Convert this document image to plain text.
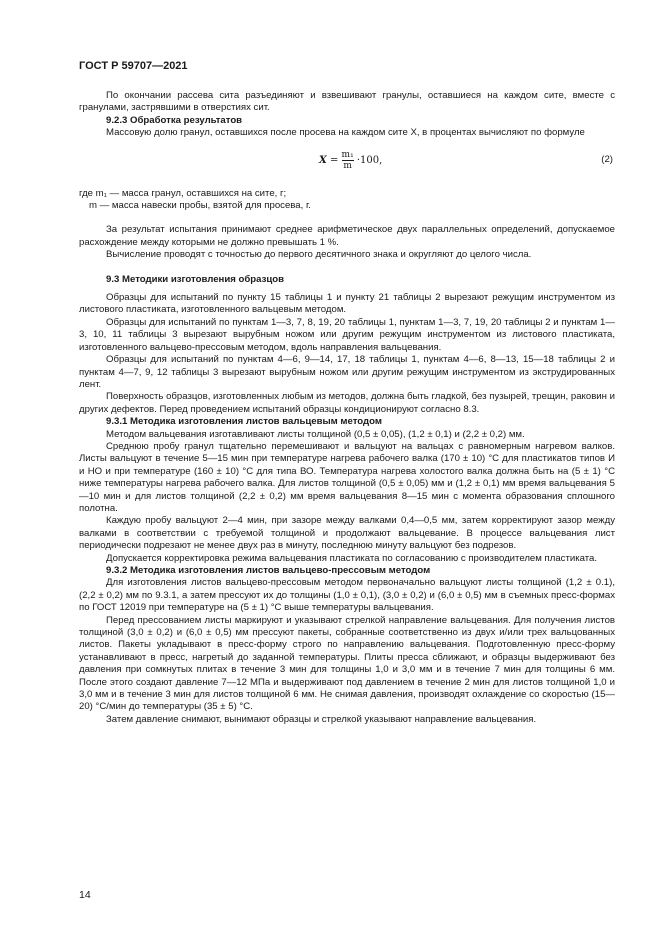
ГОСТ Р 59707—2021

По окончании рассева сита разъединяют и взвешивают гранулы, оставшиеся на каждом сите, вместе с гранулами, застрявшими в отверстиях сит.

9.2.3 Обработка результатов

Массовую долю гранул, оставшихся после просева на каждом сите X, в процентах вычисляют по формуле

$X = \frac{\text{m₁}}{m} \cdot 100$,	(2)

где m₁ — масса гранул, оставшихся на сите, г;

m — масса навески пробы, взятой для просева, г.

За результат испытания принимают среднее арифметическое двух параллельных определений, допускаемое расхождение между которыми не должно превышать 1 %.

Вычисление проводят с точностью до первого десятичного знака и округляют до целого числа.

9.3 Методики изготовления образцов

Образцы для испытаний по пункту 15 таблицы 1 и пункту 21 таблицы 2 вырезают режущим инструментом из листового пластиката, изготовленного вальцевым методом.

Образцы для испытаний по пунктам 1—3, 7, 8, 19, 20 таблицы 1, пунктам 1—3, 7, 19, 20 таблицы 2 и пунктам 1—3, 10, 11 таблицы 3 вырезают вырубным ножом или другим режущим инструментом из листового пластиката, изготовленного вальцево-прессовым методом, вдоль направления вальцевания.

Образцы для испытаний по пунктам 4—6, 9—14, 17, 18 таблицы 1, пунктам 4—6, 8—13, 15—18 таблицы 2 и пунктам 4—7, 9, 12 таблицы 3 вырезают вырубным ножом или другим режущим инструментом из экструдированных лент.

Поверхность образцов, изготовленных любым из методов, должна быть гладкой, без пузырей, трещин, раковин и других дефектов. Перед проведением испытаний образцы кондиционируют согласно 8.3.

9.3.1 Методика изготовления листов вальцевым методом

Методом вальцевания изготавливают листы толщиной (0,5 ± 0,05), (1,2 ± 0,1) и (2,2 ± 0,2) мм.

Среднюю пробу гранул тщательно перемешивают и вальцуют на вальцах с равномерным нагревом валков. Листы вальцуют в течение 5—15 мин при температуре нагрева рабочего валка (170 ± 10) °C для пластикатов типов И и НО и при температуре (160 ± 10) °C для типа ВО. Температура нагрева холостого валка должна быть на (5 ± 1) °C ниже температуры нагрева рабочего валка. Для листов толщиной (0,5 ± 0,05) мм и (1,2 ± 0,1) мм время вальцевания 5—10 мин и для листов толщиной (2,2 ± 0,2) мм время вальцевания 8—15 мин с момента образования сплошного полотна.

Каждую пробу вальцуют 2—4 мин, при зазоре между валками 0,4—0,5 мм, затем корректируют зазор между валками в соответствии с требуемой толщиной и продолжают вальцевание. В процессе вальцевания лист периодически подрезают не менее двух раз в минуту, последнюю минуту вальцуют без подрезов.

Допускается корректировка режима вальцевания пластиката по согласованию с производителем пластиката.

9.3.2 Методика изготовления листов вальцево-прессовым методом

Для изготовления листов вальцево-прессовым методом первоначально вальцуют листы толщиной (1,2 ± 0.1), (2,2 ± 0,2) мм по 9.3.1, а затем прессуют их до толщины (1,0 ± 0,1), (3,0 ± 0,2) и (6,0 ± 0,5) мм в съемных пресс-формах по ГОСТ 12019 при температуре на (5 ± 1) °C выше температуры вальцевания.

Перед прессованием листы маркируют и указывают стрелкой направление вальцевания. Для получения листов толщиной (3,0 ± 0,2) и (6,0 ± 0,5) мм прессуют пакеты, собранные соответственно из двух и/или трех вальцованных листов. Пакеты укладывают в пресс-форму строго по направлению вальцевания. Подготовленную пресс-форму устанавливают в пресс, нагретый до заданной температуры. Плиты пресса сближают, и образцы выдерживают без давления при сомкнутых плитах в течение 3 мин для толщины 1,0 и 3,0 мм и в течение 7 мин для толщины 6 мм. После этого создают давление 7—12 МПа и выдерживают под давлением в течение 2 мин для листов толщиной 1,0 и 3,0 мм и в течение 3 мин для листов толщиной 6 мм. Не снимая давления, производят охлаждение со скоростью (15—20) °C/мин до температуры (35 ± 5) °C.

Затем давление снимают, вынимают образцы и стрелкой указывают направление вальцевания.

14
